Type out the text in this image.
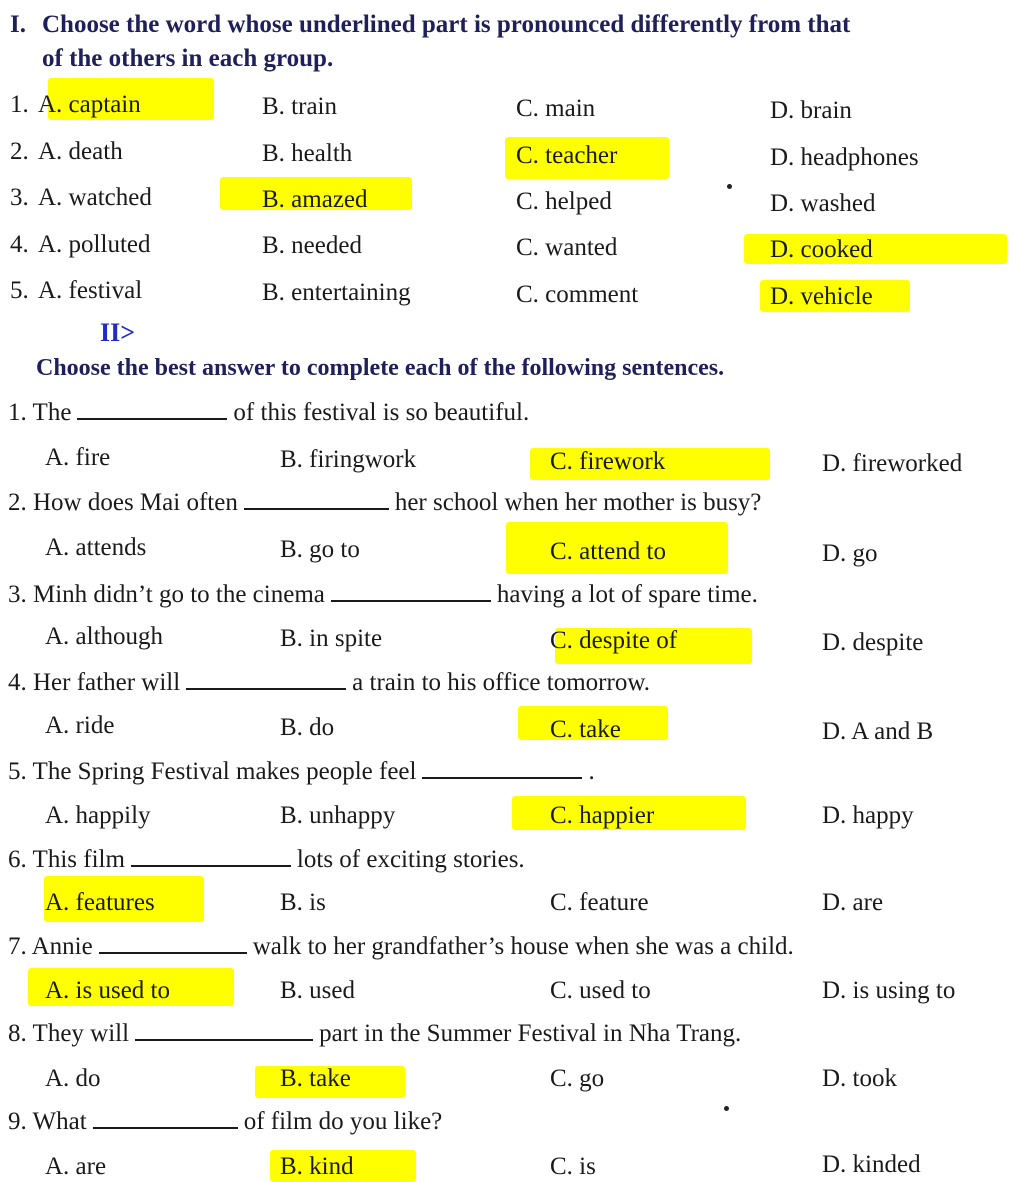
I. Choose the word whose underlined part is pronounced differently from that
of the others in each group.
1. A. captain	B. train	C. main	D. brain
2. A. death	B. health	C. teacher	D. headphones
3. A. watched	B. amazed	C. helped	D. washed
4. A. polluted	B. needed	C. wanted	D. cooked
5. A. festival	B. entertaining	C. comment	D. vehicle
II>
Choose the best answer to complete each of the following sentences.
1. The	of this festival is so beautiful.
A. fire	B. firingwork	C. firework	D. fireworked
2. How does Mai often	her school when her mother is busy?
A. attends	B. go to	C. attend to	D. go
3. Minh didn’t go to the cinema	having a lot of spare time.
A. although	B. in spite	C. despite of	D. despite
4. Her father will	a train to his office tomorrow.
A. ride	B. do	C. take	D. A and B
5. The Spring Festival makes people feel	.
A. happily	B. unhappy	C. happier	D. happy
6. This film	lots of exciting stories.
A. features	B. is	C. feature	D. are
7. Annie	walk to her grandfather’s house when she was a child.
A. is used to	B. used	C. used to	D. is using to
8. They will	part in the Summer Festival in Nha Trang.
A. do	B. take	C. go	D. took
9. What	of film do you like?
A. are	B. kind	C. is	D. kinded
